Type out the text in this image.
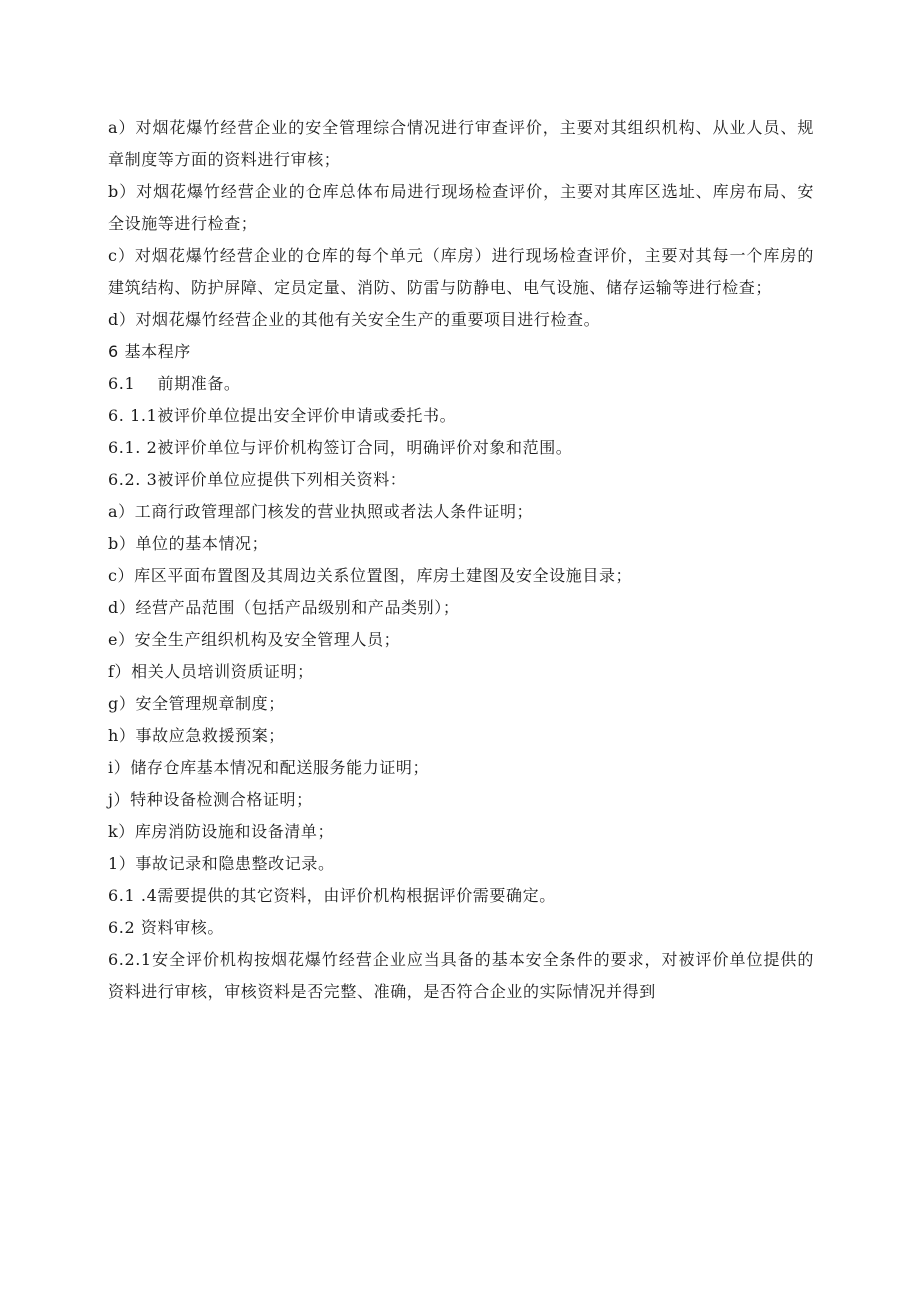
a）对烟花爆竹经营企业的安全管理综合情况进行审查评价，主要对其组织机构、从业人员、规章制度等方面的资料进行审核；

b）对烟花爆竹经营企业的仓库总体布局进行现场检查评价，主要对其库区选址、库房布局、安全设施等进行检查；

c）对烟花爆竹经营企业的仓库的每个单元（库房）进行现场检查评价，主要对其每一个库房的建筑结构、防护屏障、定员定量、消防、防雷与防静电、电气设施、储存运输等进行检查；

d）对烟花爆竹经营企业的其他有关安全生产的重要项目进行检查。

6 基本程序

6.1　 前期准备。

6. 1.1被评价单位提出安全评价申请或委托书。

6.1. 2被评价单位与评价机构签订合同，明确评价对象和范围。

6.2. 3被评价单位应提供下列相关资料：

a）工商行政管理部门核发的营业执照或者法人条件证明；

b）单位的基本情况；

c）库区平面布置图及其周边关系位置图，库房土建图及安全设施目录；

d）经营产品范围（包括产品级别和产品类别）；

e）安全生产组织机构及安全管理人员；

f）相关人员培训资质证明；

g）安全管理规章制度；

h）事故应急救援预案；

i）储存仓库基本情况和配送服务能力证明；

j）特种设备检测合格证明；

k）库房消防设施和设备清单；

1）事故记录和隐患整改记录。

6.1 .4需要提供的其它资料，由评价机构根据评价需要确定。

6.2 资料审核。

6.2.1安全评价机构按烟花爆竹经营企业应当具备的基本安全条件的要求，对被评价单位提供的资料进行审核，审核资料是否完整、准确，是否符合企业的实际情况并得到
